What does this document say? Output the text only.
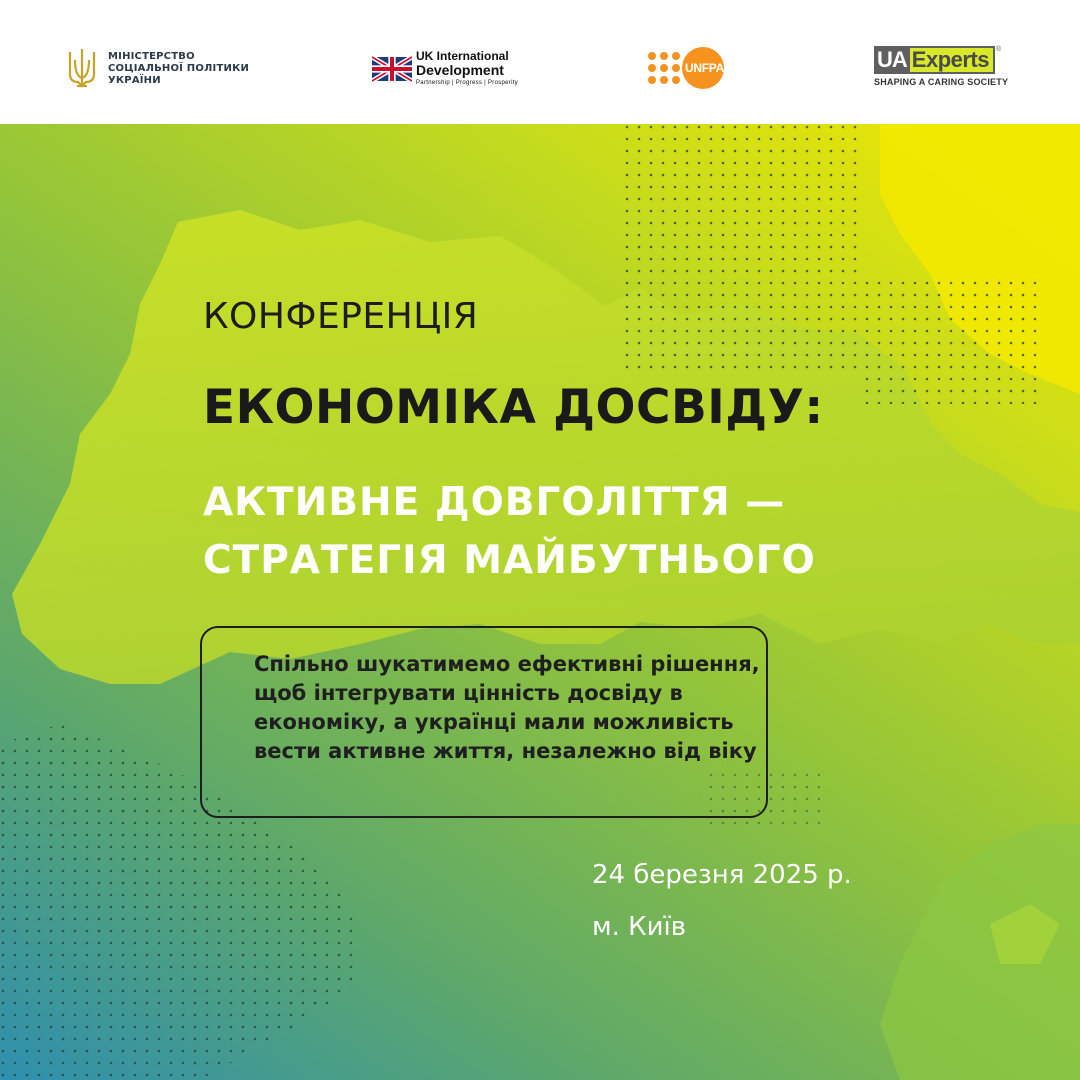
МІНІСТЕРСТВО
СОЦІАЛЬНОЇ ПОЛІТИКИ
УКРАЇНИ
UK International
Development
Partnership | Progress | Prosperity
UNFPA	UA Experts	®
SHAPING A CARING SOCIETY
КОНФЕРЕНЦІЯ
ЕКОНОМІКА ДОСВІДУ:
АКТИВНЕ ДОВГОЛІТТЯ —
СТРАТЕГІЯ МАЙБУТНЬОГО
Спільно шукатимемо ефективні рішення, щоб інтегрувати цінність досвіду в економіку, а українці мали можливість вести активне життя, незалежно від віку
24 березня 2025 р.
м. Київ
